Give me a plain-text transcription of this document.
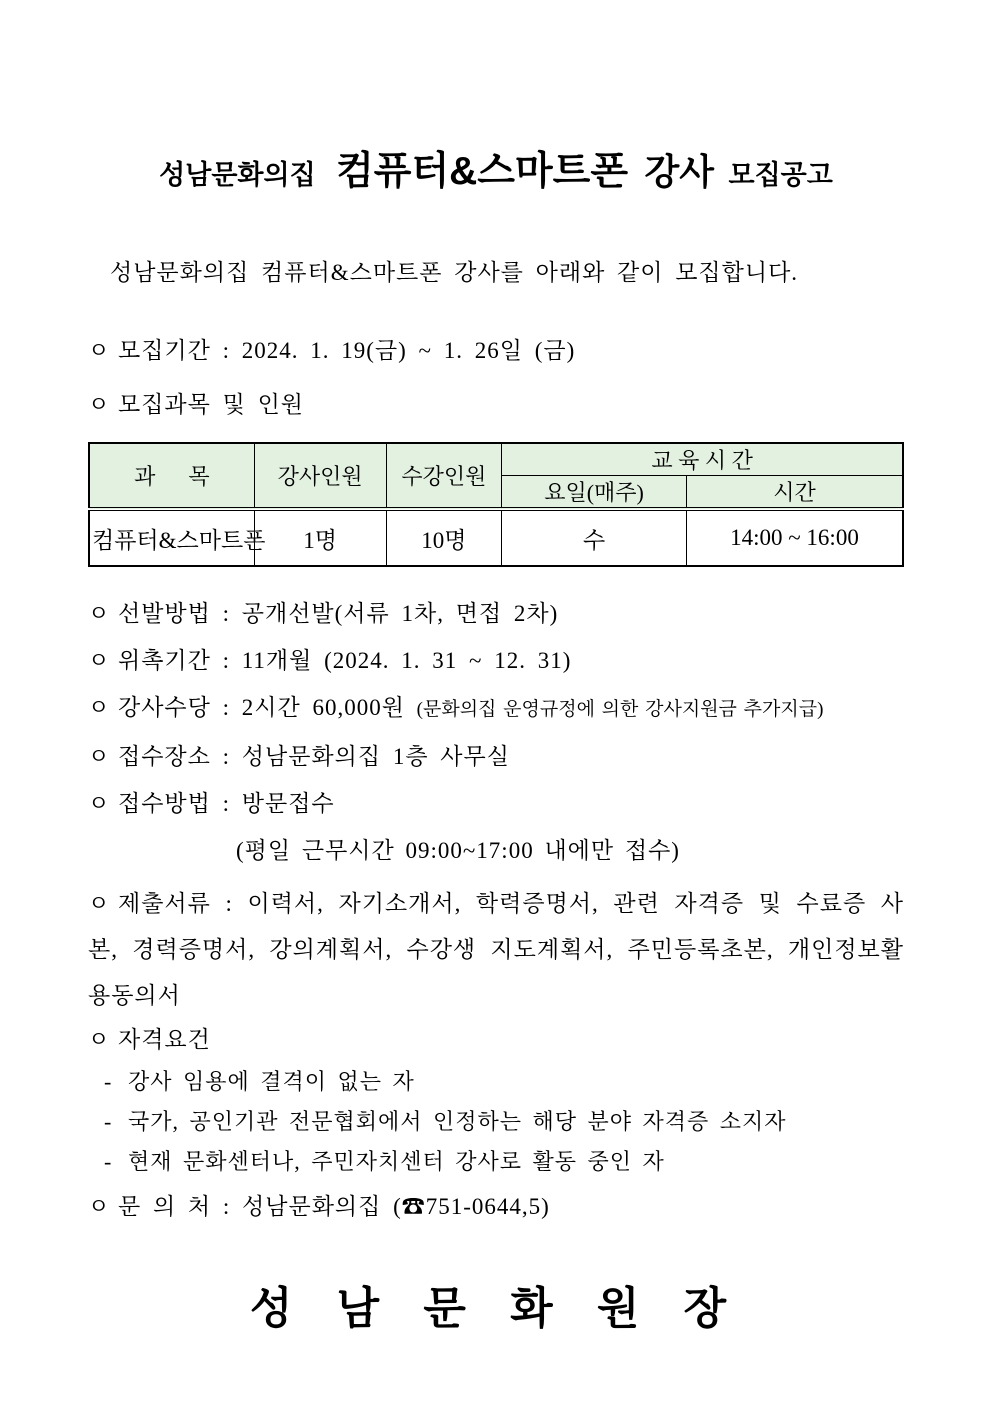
성남문화의집 컴퓨터&스마트폰 강사 모집공고
성남문화의집 컴퓨터&스마트폰 강사를 아래와 같이 모집합니다.
ㅇ 모집기간 : 2024. 1. 19(금) ~ 1. 26일 (금)
ㅇ 모집과목 및 인원
과      목	강사인원	수강인원	교 육 시 간	
			요일(매주)	시간
컴퓨터&스마트폰	1명	10명	수	14:00 ~ 16:00
ㅇ 선발방법 : 공개선발(서류 1차, 면접 2차)
ㅇ 위촉기간 : 11개월 (2024. 1. 31 ~ 12. 31)
ㅇ 강사수당 : 2시간 60,000원 (문화의집 운영규정에 의한 강사지원금 추가지급)
ㅇ 접수장소 : 성남문화의집 1층 사무실
ㅇ 접수방법 : 방문접수
(평일 근무시간 09:00~17:00 내에만 접수)
ㅇ 제출서류 : 이력서, 자기소개서, 학력증명서, 관련 자격증 및 수료증 사본, 경력증명서, 강의계획서, 수강생 지도계획서, 주민등록초본, 개인정보활용동의서
ㅇ 자격요건
- 강사 임용에 결격이 없는 자
- 국가, 공인기관 전문협회에서 인정하는 해당 분야 자격증 소지자
- 현재 문화센터나, 주민자치센터 강사로 활동 중인 자
ㅇ 문 의 처 : 성남문화의집 (☎751-0644,5)
성 남 문 화 원 장
